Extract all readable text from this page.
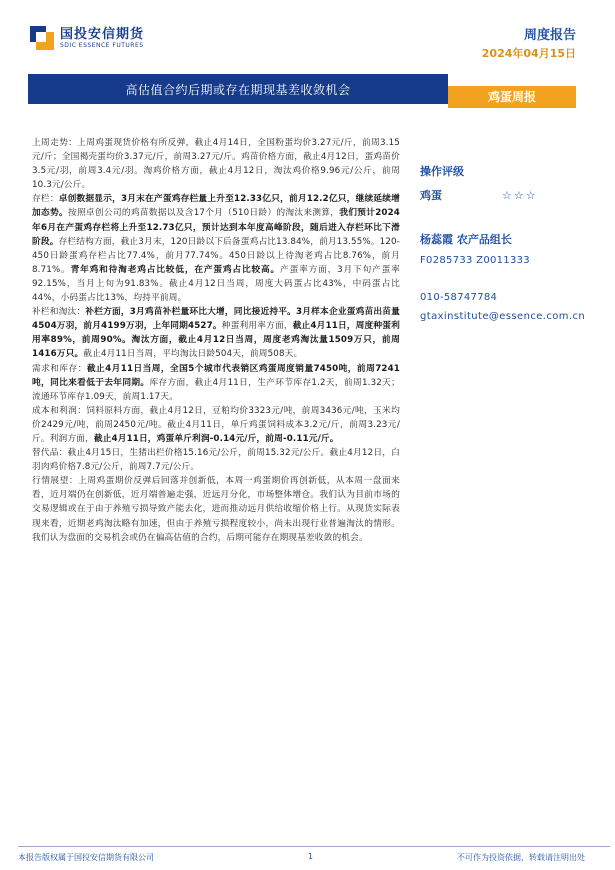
国投安信期货
SDIC ESSENCE FUTURES
周度报告
2024年04月15日
高估值合约后期或存在期现基差收敛机会	鸡蛋周报

上周走势：上周鸡蛋现货价格有所反弹，截止4月14日，全国粉蛋均价3.27元/斤，前周3.15元/斤；全国褐壳蛋均价3.37元/斤，前周3.27元/斤。鸡苗价格方面，截止4月12日，蛋鸡苗价3.5元/羽，前周3.4元/羽。淘鸡价格方面，截止4月12日，淘汰鸡价格9.96元/公斤，前周10.3元/公斤。

存栏：卓创数据显示，3月末在产蛋鸡存栏量上升至12.33亿只，前月12.2亿只，继续延续增加态势。按照卓创公司的鸡苗数据以及含17个月（510日龄）的淘汰来测算，我们预计2024年6月在产蛋鸡存栏将上升至12.73亿只，预计达到本年度高峰阶段，随后进入存栏环比下滑阶段。存栏结构方面，截止3月末，120日龄以下后备蛋鸡占比13.84%，前月13.55%。120-450日龄蛋鸡存栏占比77.4%，前月77.74%。450日龄以上待淘老鸡占比8.76%，前月8.71%。青年鸡和待淘老鸡占比较低，在产蛋鸡占比较高。产蛋率方面，3月下旬产蛋率92.15%，当月上旬为91.83%。截止4月12日当周，周度大码蛋占比43%，中码蛋占比44%，小码蛋占比13%，均持平前周。

补栏和淘汰：补栏方面，3月鸡苗补栏量环比大增，同比接近持平。3月样本企业蛋鸡苗出苗量4504万羽，前月4199万羽，上年同期4527。种蛋利用率方面，截止4月11日，周度种蛋利用率89%，前周90%。淘汰方面，截止4月12日当周，周度老鸡淘汰量1509万只，前周1416万只。截止4月11日当周，平均淘汰日龄504天，前周508天。

需求和库存：截止4月11日当周，全国5个城市代表销区鸡蛋周度销量7450吨，前周7241吨，同比来看低于去年同期。库存方面，截止4月11日，生产环节库存1.2天，前周1.32天；流通环节库存1.09天，前周1.17天。

成本和利润：饲料原料方面，截止4月12日，豆粕均价3323元/吨，前周3436元/吨，玉米均价2429元/吨，前周2450元/吨。截止4月11日，单斤鸡蛋饲料成本3.2元/斤，前周3.23元/斤。利润方面，截止4月11日，鸡蛋单斤利润-0.14元/斤，前周-0.11元/斤。

替代品：截止4月15日，生猪出栏价格15.16元/公斤，前周15.32元/公斤。截止4月12日，白羽肉鸡价格7.8元/公斤，前周7.7元/公斤。

行情展望：上周鸡蛋期价反弹后回落并创新低，本周一鸡蛋期价再创新低，从本周一盘面来看，近月端仍在创新低，近月端普遍走强，近远月分化，市场整体增仓。我们认为目前市场的交易逻辑或在于由于养殖亏损导致产能去化，进而推动远月供给收缩价格上行。从现货实际表现来看，近期老鸡淘汰略有加速，但由于养殖亏损程度较小，尚未出现行业普遍淘汰的情形。我们认为盘面的交易机会或仍在偏高估值的合约，后期可能存在期现基差收敛的机会。

操作评级
鸡蛋	☆☆☆
杨蕊霞 农产品组长
F0285733 Z0011333
010-58747784
gtaxinstitute@essence.com.cn
本报告版权属于国投安信期货有限公司	1	不可作为投资依据，转载请注明出处
